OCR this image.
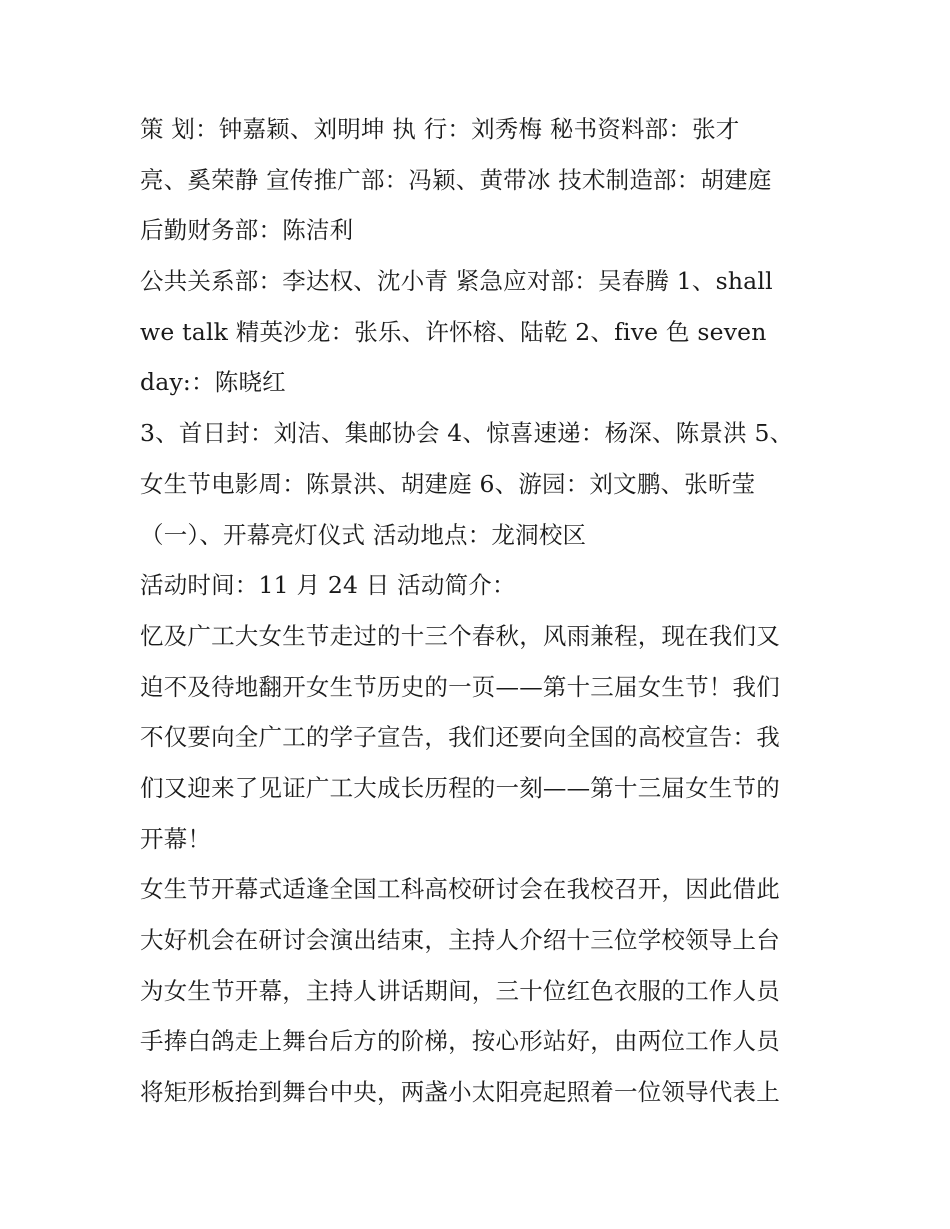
策 划：钟嘉颖、刘明坤 执 行：刘秀梅 秘书资料部：张才
亮、奚荣静 宣传推广部：冯颖、黄带冰 技术制造部：胡建庭
后勤财务部：陈洁利
公共关系部：李达权、沈小青 紧急应对部：吴春腾 1、shall
we talk 精英沙龙：张乐、许怀榕、陆乾 2、five 色 seven
day:：陈晓红
3、首日封：刘洁、集邮协会 4、惊喜速递：杨深、陈景洪 5、
女生节电影周：陈景洪、胡建庭 6、游园：刘文鹏、张昕莹
（一）、开幕亮灯仪式 活动地点：龙洞校区
活动时间：11 月 24 日 活动简介：
忆及广工大女生节走过的十三个春秋，风雨兼程，现在我们又
迫不及待地翻开女生节历史的一页——第十三届女生节！我们
不仅要向全广工的学子宣告，我们还要向全国的高校宣告：我
们又迎来了见证广工大成长历程的一刻——第十三届女生节的
开幕！
女生节开幕式适逢全国工科高校研讨会在我校召开，因此借此
大好机会在研讨会演出结束，主持人介绍十三位学校领导上台
为女生节开幕，主持人讲话期间，三十位红色衣服的工作人员
手捧白鸽走上舞台后方的阶梯，按心形站好，由两位工作人员
将矩形板抬到舞台中央，两盏小太阳亮起照着一位领导代表上
